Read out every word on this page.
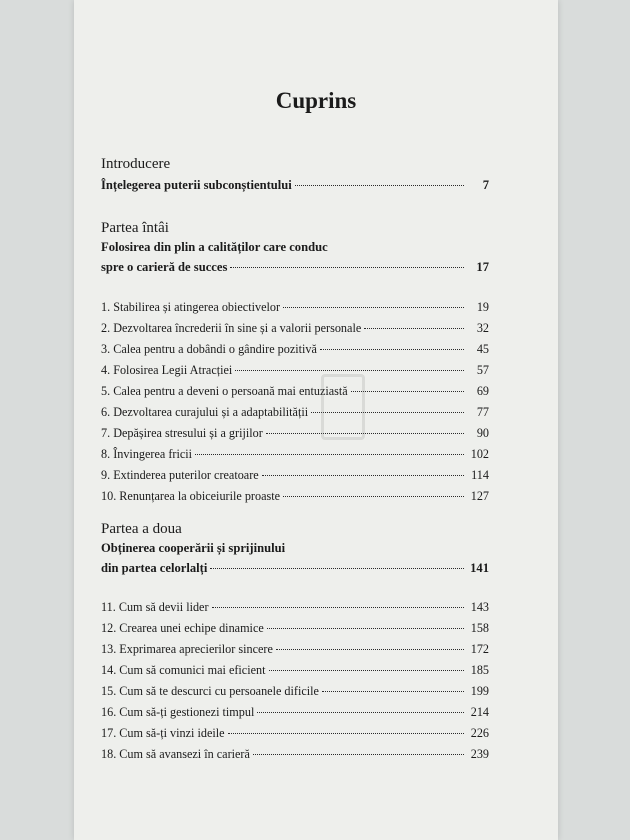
Cuprins
Introducere
Înțelegerea puterii subconștientului	7
Partea întâi
Folosirea din plin a calităților care conduc
spre o carieră de succes	17
1. Stabilirea și atingerea obiectivelor	19
2. Dezvoltarea încrederii în sine și a valorii personale	32
3. Calea pentru a dobândi o gândire pozitivă	45
4. Folosirea Legii Atracției	57
5. Calea pentru a deveni o persoană mai entuziastă	69
6. Dezvoltarea curajului și a adaptabilității	77
7. Depășirea stresului și a grijilor	90
8. Învingerea fricii	102
9. Extinderea puterilor creatoare	114
10. Renunțarea la obiceiurile proaste	127
Partea a doua
Obținerea cooperării și sprijinului
din partea celorlalți	141
11. Cum să devii lider	143
12. Crearea unei echipe dinamice	158
13. Exprimarea aprecierilor sincere	172
14. Cum să comunici mai eficient	185
15. Cum să te descurci cu persoanele dificile	199
16. Cum să-ți gestionezi timpul	214
17. Cum să-ți vinzi ideile	226
18. Cum să avansezi în carieră	239
